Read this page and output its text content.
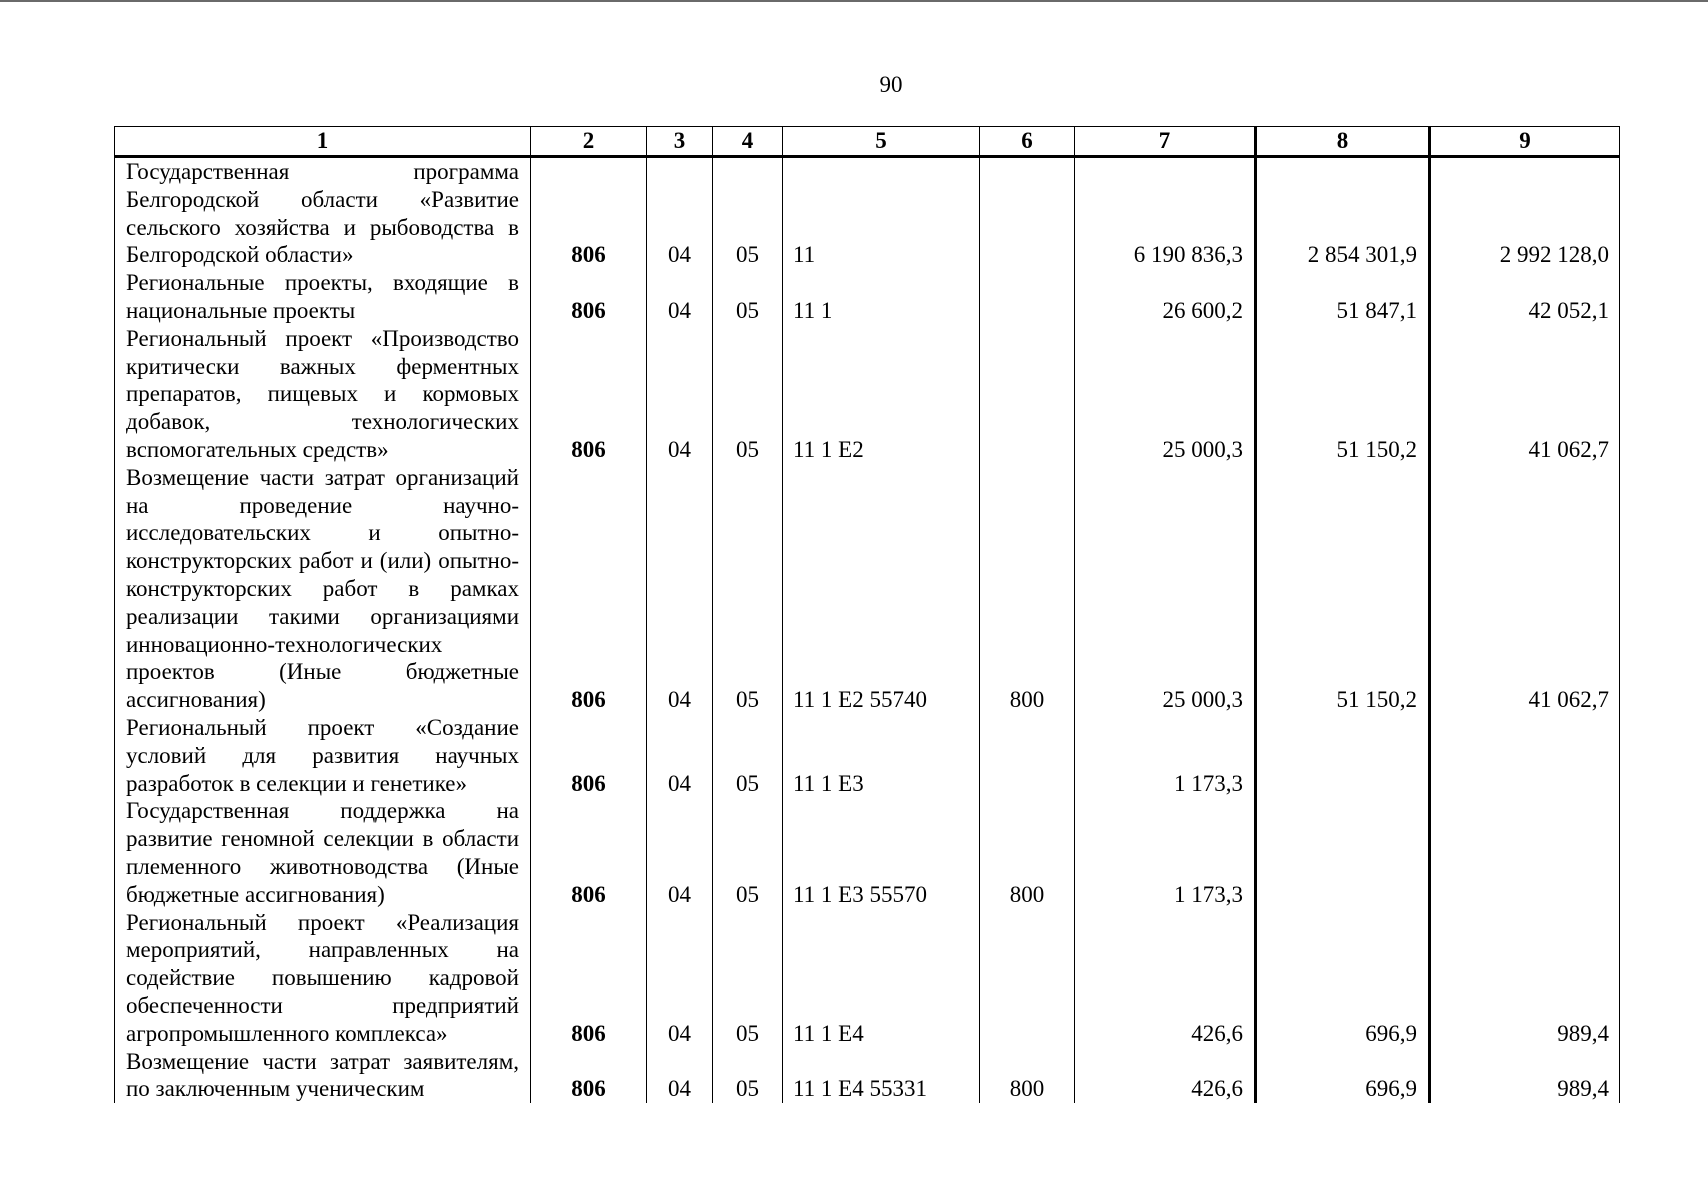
90
1	2	3	4	5	6	7	8	9
Государственная программа Белгородской области «Развитие сельского хозяйства и рыбоводства в Белгородской области»	806	04	05	11		6 190 836,3	2 854 301,9	2 992 128,0
Региональные проекты, входящие в национальные проекты	806	04	05	11 1		26 600,2	51 847,1	42 052,1
Региональный проект «Производство критически важных ферментных препаратов, пищевых и кормовых добавок, технологических вспомогательных средств»	806	04	05	11 1 E2		25 000,3	51 150,2	41 062,7
Возмещение части затрат организаций на проведение научно-исследовательских и опытно-конструкторских работ и (или) опытно-конструкторских работ в рамках реализации такими организациями инновационно-технологических проектов (Иные бюджетные ассигнования)	806	04	05	11 1 E2 55740	800	25 000,3	51 150,2	41 062,7
Региональный проект «Создание условий для развития научных разработок в селекции и генетике»	806	04	05	11 1 E3		1 173,3		
Государственная поддержка на развитие геномной селекции в области племенного животноводства (Иные бюджетные ассигнования)	806	04	05	11 1 E3 55570	800	1 173,3		
Региональный проект «Реализация мероприятий, направленных на содействие повышению кадровой обеспеченности предприятий агропромышленного комплекса»	806	04	05	11 1 E4		426,6	696,9	989,4
Возмещение части затрат заявителям, по заключенным ученическим	806	04	05	11 1 E4 55331	800	426,6	696,9	989,4
